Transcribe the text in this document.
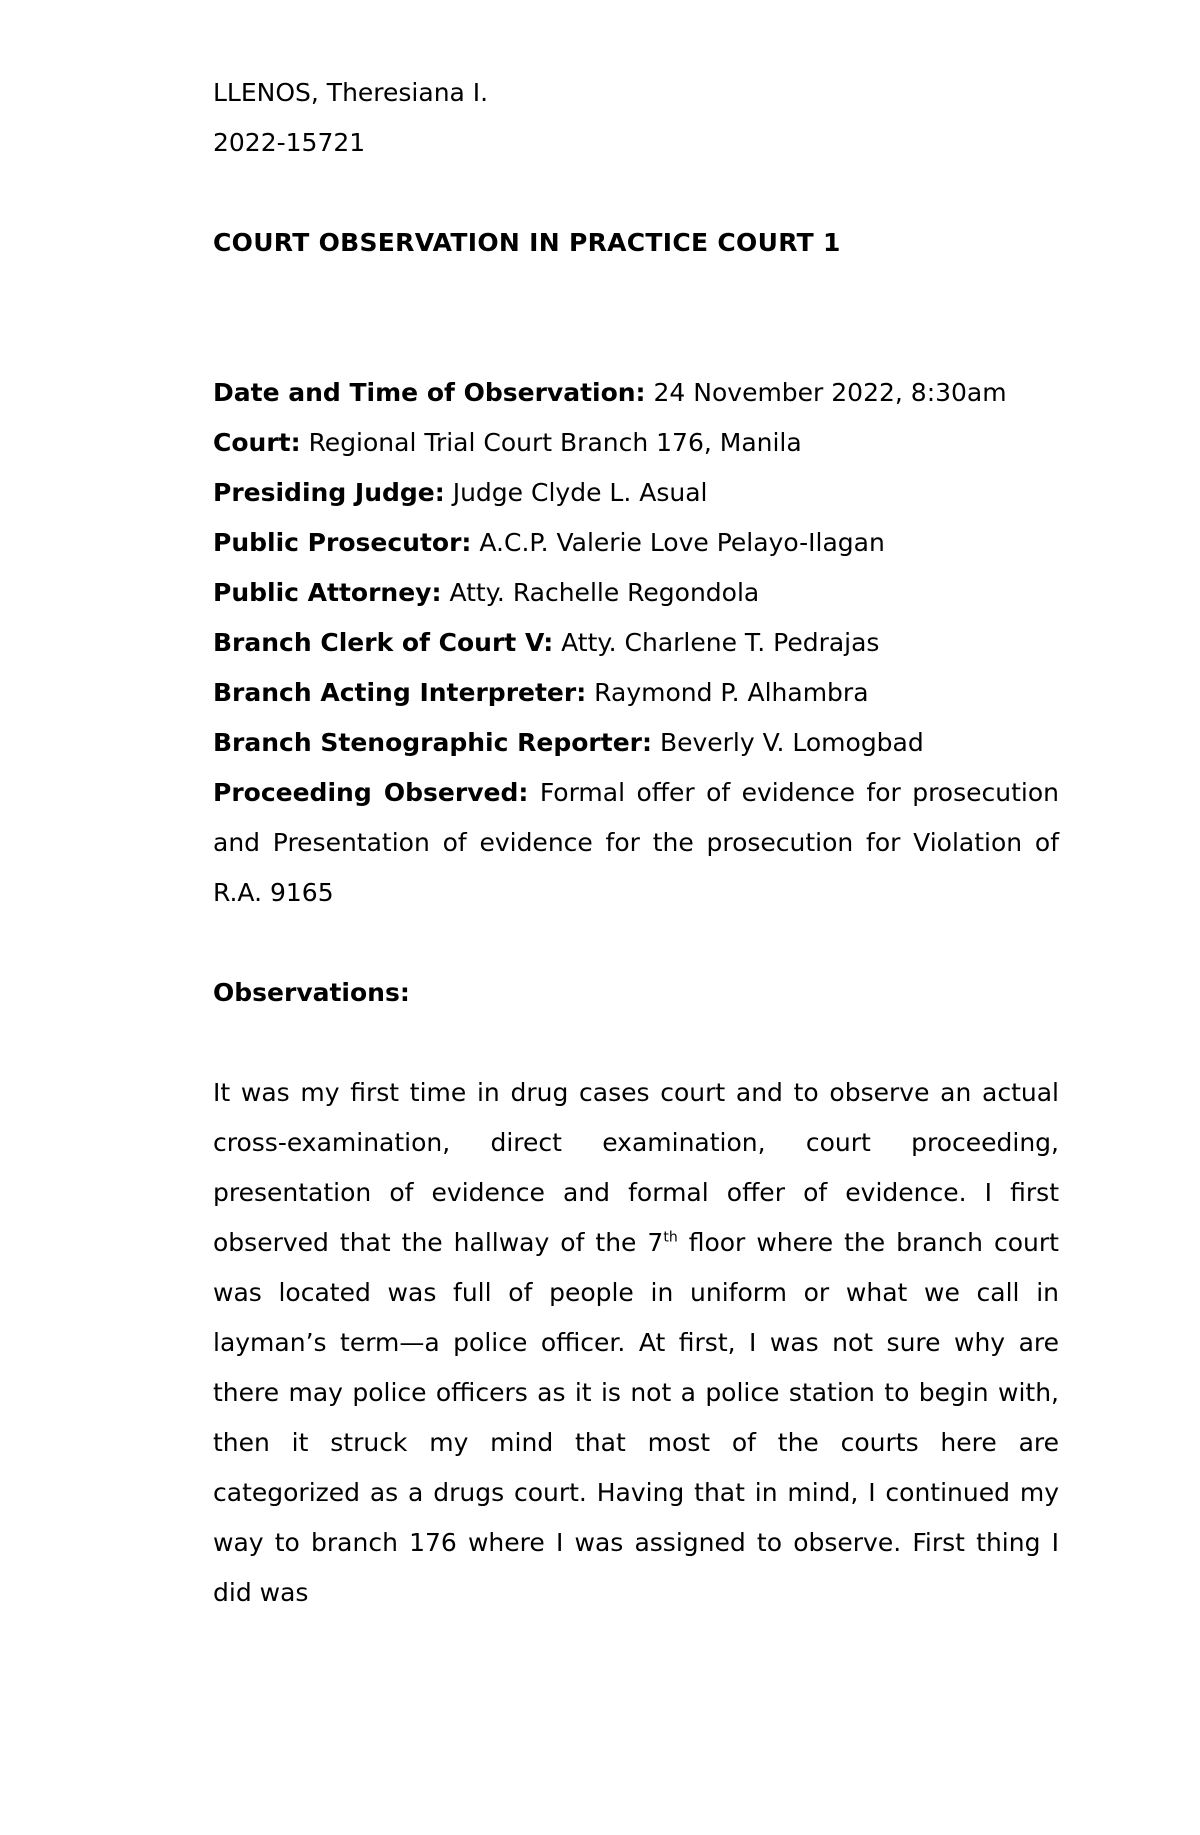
LLENOS, Theresiana I.

2022-15721

COURT OBSERVATION IN PRACTICE COURT 1

Date and Time of Observation: 24 November 2022, 8:30am

Court: Regional Trial Court Branch 176, Manila

Presiding Judge: Judge Clyde L. Asual

Public Prosecutor: A.C.P. Valerie Love Pelayo-Ilagan

Public Attorney: Atty. Rachelle Regondola

Branch Clerk of Court V: Atty. Charlene T. Pedrajas

Branch Acting Interpreter: Raymond P. Alhambra

Branch Stenographic Reporter: Beverly V. Lomogbad

Proceeding Observed: Formal offer of evidence for prosecution and Presentation of evidence for the prosecution for Violation of R.A. 9165

Observations:

It was my first time in drug cases court and to observe an actual cross-examination, direct examination, court proceeding, presentation of evidence and formal offer of evidence. I first observed that the hallway of the 7th floor where the branch court was located was full of people in uniform or what we call in layman’s term—a police officer. At first, I was not sure why are there may police officers as it is not a police station to begin with, then it struck my mind that most of the courts here are categorized as a drugs court. Having that in mind, I continued my way to branch 176 where I was assigned to observe. First thing I did was
